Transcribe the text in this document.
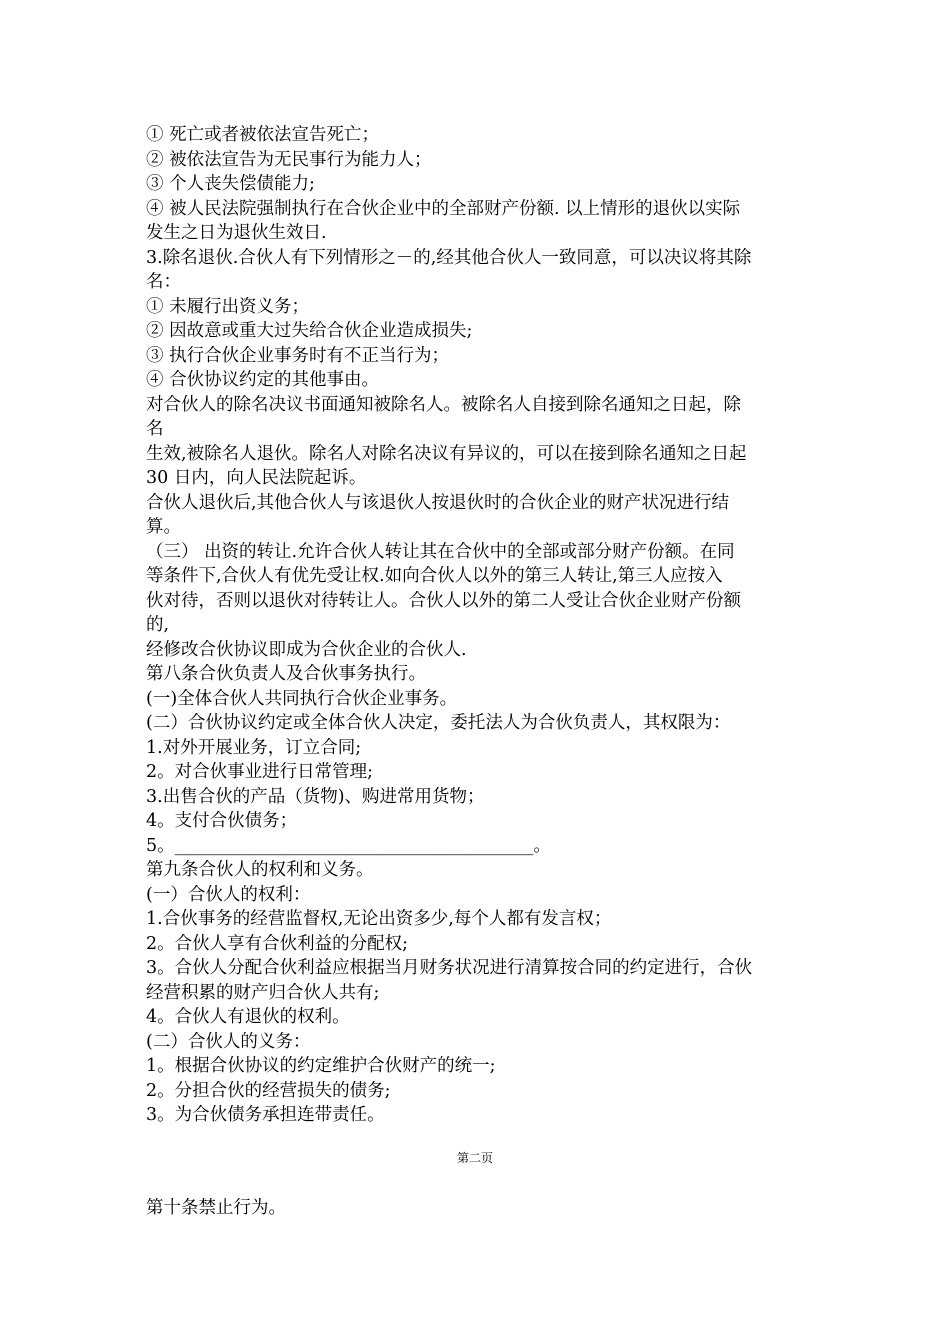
① 死亡或者被依法宣告死亡；
② 被依法宣告为无民事行为能力人；
③ 个人丧失偿债能力;
④ 被人民法院强制执行在合伙企业中的全部财产份额. 以上情形的退伙以实际
发生之日为退伙生效日.
3.除名退伙.合伙人有下列情形之－的,经其他合伙人一致同意，可以决议将其除
名：
① 未履行出资义务；
② 因故意或重大过失给合伙企业造成损失;
③ 执行合伙企业事务时有不正当行为；
④ 合伙协议约定的其他事由。
对合伙人的除名决议书面通知被除名人。被除名人自接到除名通知之日起，除
名
生效,被除名人退伙。除名人对除名决议有异议的，可以在接到除名通知之日起
30 日内，向人民法院起诉。
合伙人退伙后,其他合伙人与该退伙人按退伙时的合伙企业的财产状况进行结
算。
（三） 出资的转让.允许合伙人转让其在合伙中的全部或部分财产份额。在同
等条件下,合伙人有优先受让权.如向合伙人以外的第三人转让,第三人应按入
伙对待，否则以退伙对待转让人。合伙人以外的第二人受让合伙企业财产份额
的,
经修改合伙协议即成为合伙企业的合伙人.
第八条合伙负责人及合伙事务执行。
(一)全体合伙人共同执行合伙企业事务。
(二）合伙协议约定或全体合伙人决定，委托法人为合伙负责人，其权限为：
1.对外开展业务，订立合同;
2。对合伙事业进行日常管理;
3.出售合伙的产品（货物)、购进常用货物；
4。支付合伙债务；
5。_________________________________________。
第九条合伙人的权利和义务。
(一）合伙人的权利：
1.合伙事务的经营监督权,无论出资多少,每个人都有发言权；
2。合伙人享有合伙利益的分配权;
3。合伙人分配合伙利益应根据当月财务状况进行清算按合同的约定进行，合伙
经营积累的财产归合伙人共有;
4。合伙人有退伙的权利。
(二）合伙人的义务：
1。根据合伙协议的约定维护合伙财产的统一;
2。分担合伙的经营损失的债务;
3。为合伙债务承担连带责任。
第二页
第十条禁止行为。
